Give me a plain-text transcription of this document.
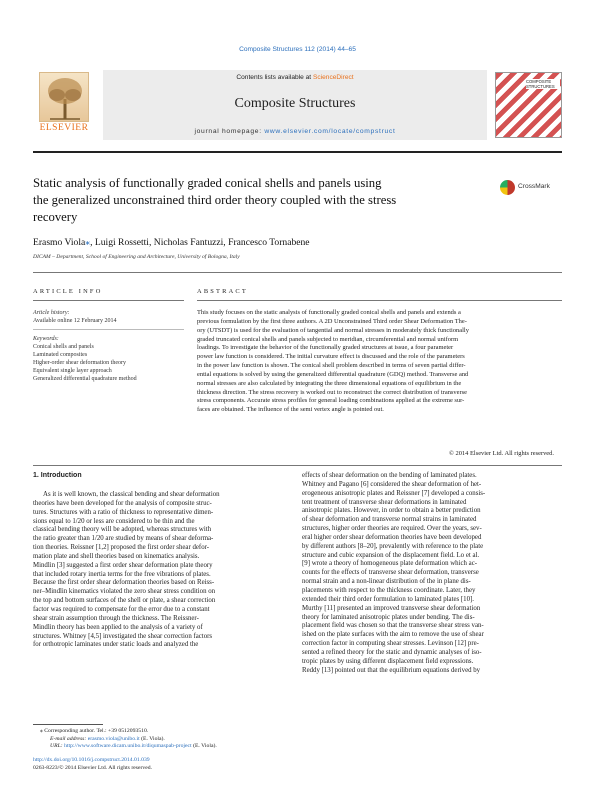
Composite Structures 112 (2014) 44–65
ELSEVIER
Contents lists available at ScienceDirect
Composite Structures
journal homepage: www.elsevier.com/locate/compstruct
COMPOSITE STRUCTURES
Static analysis of functionally graded conical shells and panels using
the generalized unconstrained third order theory coupled with the stress
recovery
CrossMark
Erasmo Viola⁎, Luigi Rossetti, Nicholas Fantuzzi, Francesco Tornabene
DICAM – Department, School of Engineering and Architecture, University of Bologna, Italy
ARTICLE INFO
Article history:
Available online 12 February 2014
Keywords:
Conical shells and panels
Laminated composites
Higher-order shear deformation theory
Equivalent single layer approach
Generalized differential quadrature method
ABSTRACT
This study focuses on the static analysis of functionally graded conical shells and panels and extends a
previous formulation by the first three authors. A 2D Unconstrained Third order Shear Deformation The-
ory (UTSDT) is used for the evaluation of tangential and normal stresses in moderately thick functionally
graded truncated conical shells and panels subjected to meridian, circumferential and normal uniform
loadings. To investigate the behavior of the functionally graded structures at issue, a four parameter
power law function is considered. The initial curvature effect is discussed and the role of the parameters
in the power law function is shown. The conical shell problem described in terms of seven partial differ-
ential equations is solved by using the generalized differential quadrature (GDQ) method. Transverse and
normal stresses are also calculated by integrating the three dimensional equations of equilibrium in the
thickness direction. The stress recovery is worked out to reconstruct the correct distribution of transverse
stress components. Accurate stress profiles for general loading combinations applied at the extreme sur-
faces are obtained. The influence of the semi vertex angle is pointed out.
© 2014 Elsevier Ltd. All rights reserved.
1. Introduction
As it is well known, the classical bending and shear deformation
theories have been developed for the analysis of composite struc-
tures. Structures with a ratio of thickness to representative dimen-
sions equal to 1/20 or less are considered to be thin and the
classical bending theory will be adopted, whereas structures with
the ratio greater than 1/20 are studied by means of shear deforma-
tion theories. Reissner [1,2] proposed the first order shear defor-
mation plate and shell theories based on kinematics analysis.
Mindlin [3] suggested a first order shear deformation plate theory
that included rotary inertia terms for the free vibrations of plates.
Because the first order shear deformation theories based on Reiss-
ner–Mindlin kinematics violated the zero shear stress condition on
the top and bottom surfaces of the shell or plate, a shear correction
factor was required to compensate for the error due to a constant
shear strain assumption through the thickness. The Reissner-
Mindlin theory has been applied to the analysis of a variety of
structures. Whitney [4,5] investigated the shear correction factors
for orthotropic laminates under static loads and analyzed the
effects of shear deformation on the bending of laminated plates.
Whitney and Pagano [6] considered the shear deformation of het-
erogeneous anisotropic plates and Reissner [7] developed a consis-
tent treatment of transverse shear deformations in laminated
anisotropic plates. However, in order to obtain a better prediction
of shear deformation and transverse normal strains in laminated
structures, higher order theories are required. Over the years, sev-
eral higher order shear deformation theories have been developed
by different authors [8–20], prevalently with reference to the plate
structure and cubic expansion of the displacement field. Lo et al.
[9] wrote a theory of homogeneous plate deformation which ac-
counts for the effects of transverse shear deformation, transverse
normal strain and a non-linear distribution of the in plane dis-
placements with respect to the thickness coordinate. Later, they
extended their third order formulation to laminated plates [10].
Murthy [11] presented an improved transverse shear deformation
theory for laminated anisotropic plates under bending. The dis-
placement field was chosen so that the transverse shear stress van-
ished on the plate surfaces with the aim to remove the use of shear
correction factor in computing shear stresses. Levinson [12] pre-
sented a refined theory for the static and dynamic analyses of iso-
tropic plates by using different displacement field expressions.
Reddy [13] pointed out that the equilibrium equations derived by
⁎ Corresponding author. Tel.: +39 0512093510.
E-mail address: erasmo.viola@unibo.it (E. Viola).
URL: http://www.software.dicam.unibo.it/diqumaspab-project (E. Viola).
http://dx.doi.org/10.1016/j.compstruct.2014.01.039
0263-8223/© 2014 Elsevier Ltd. All rights reserved.
